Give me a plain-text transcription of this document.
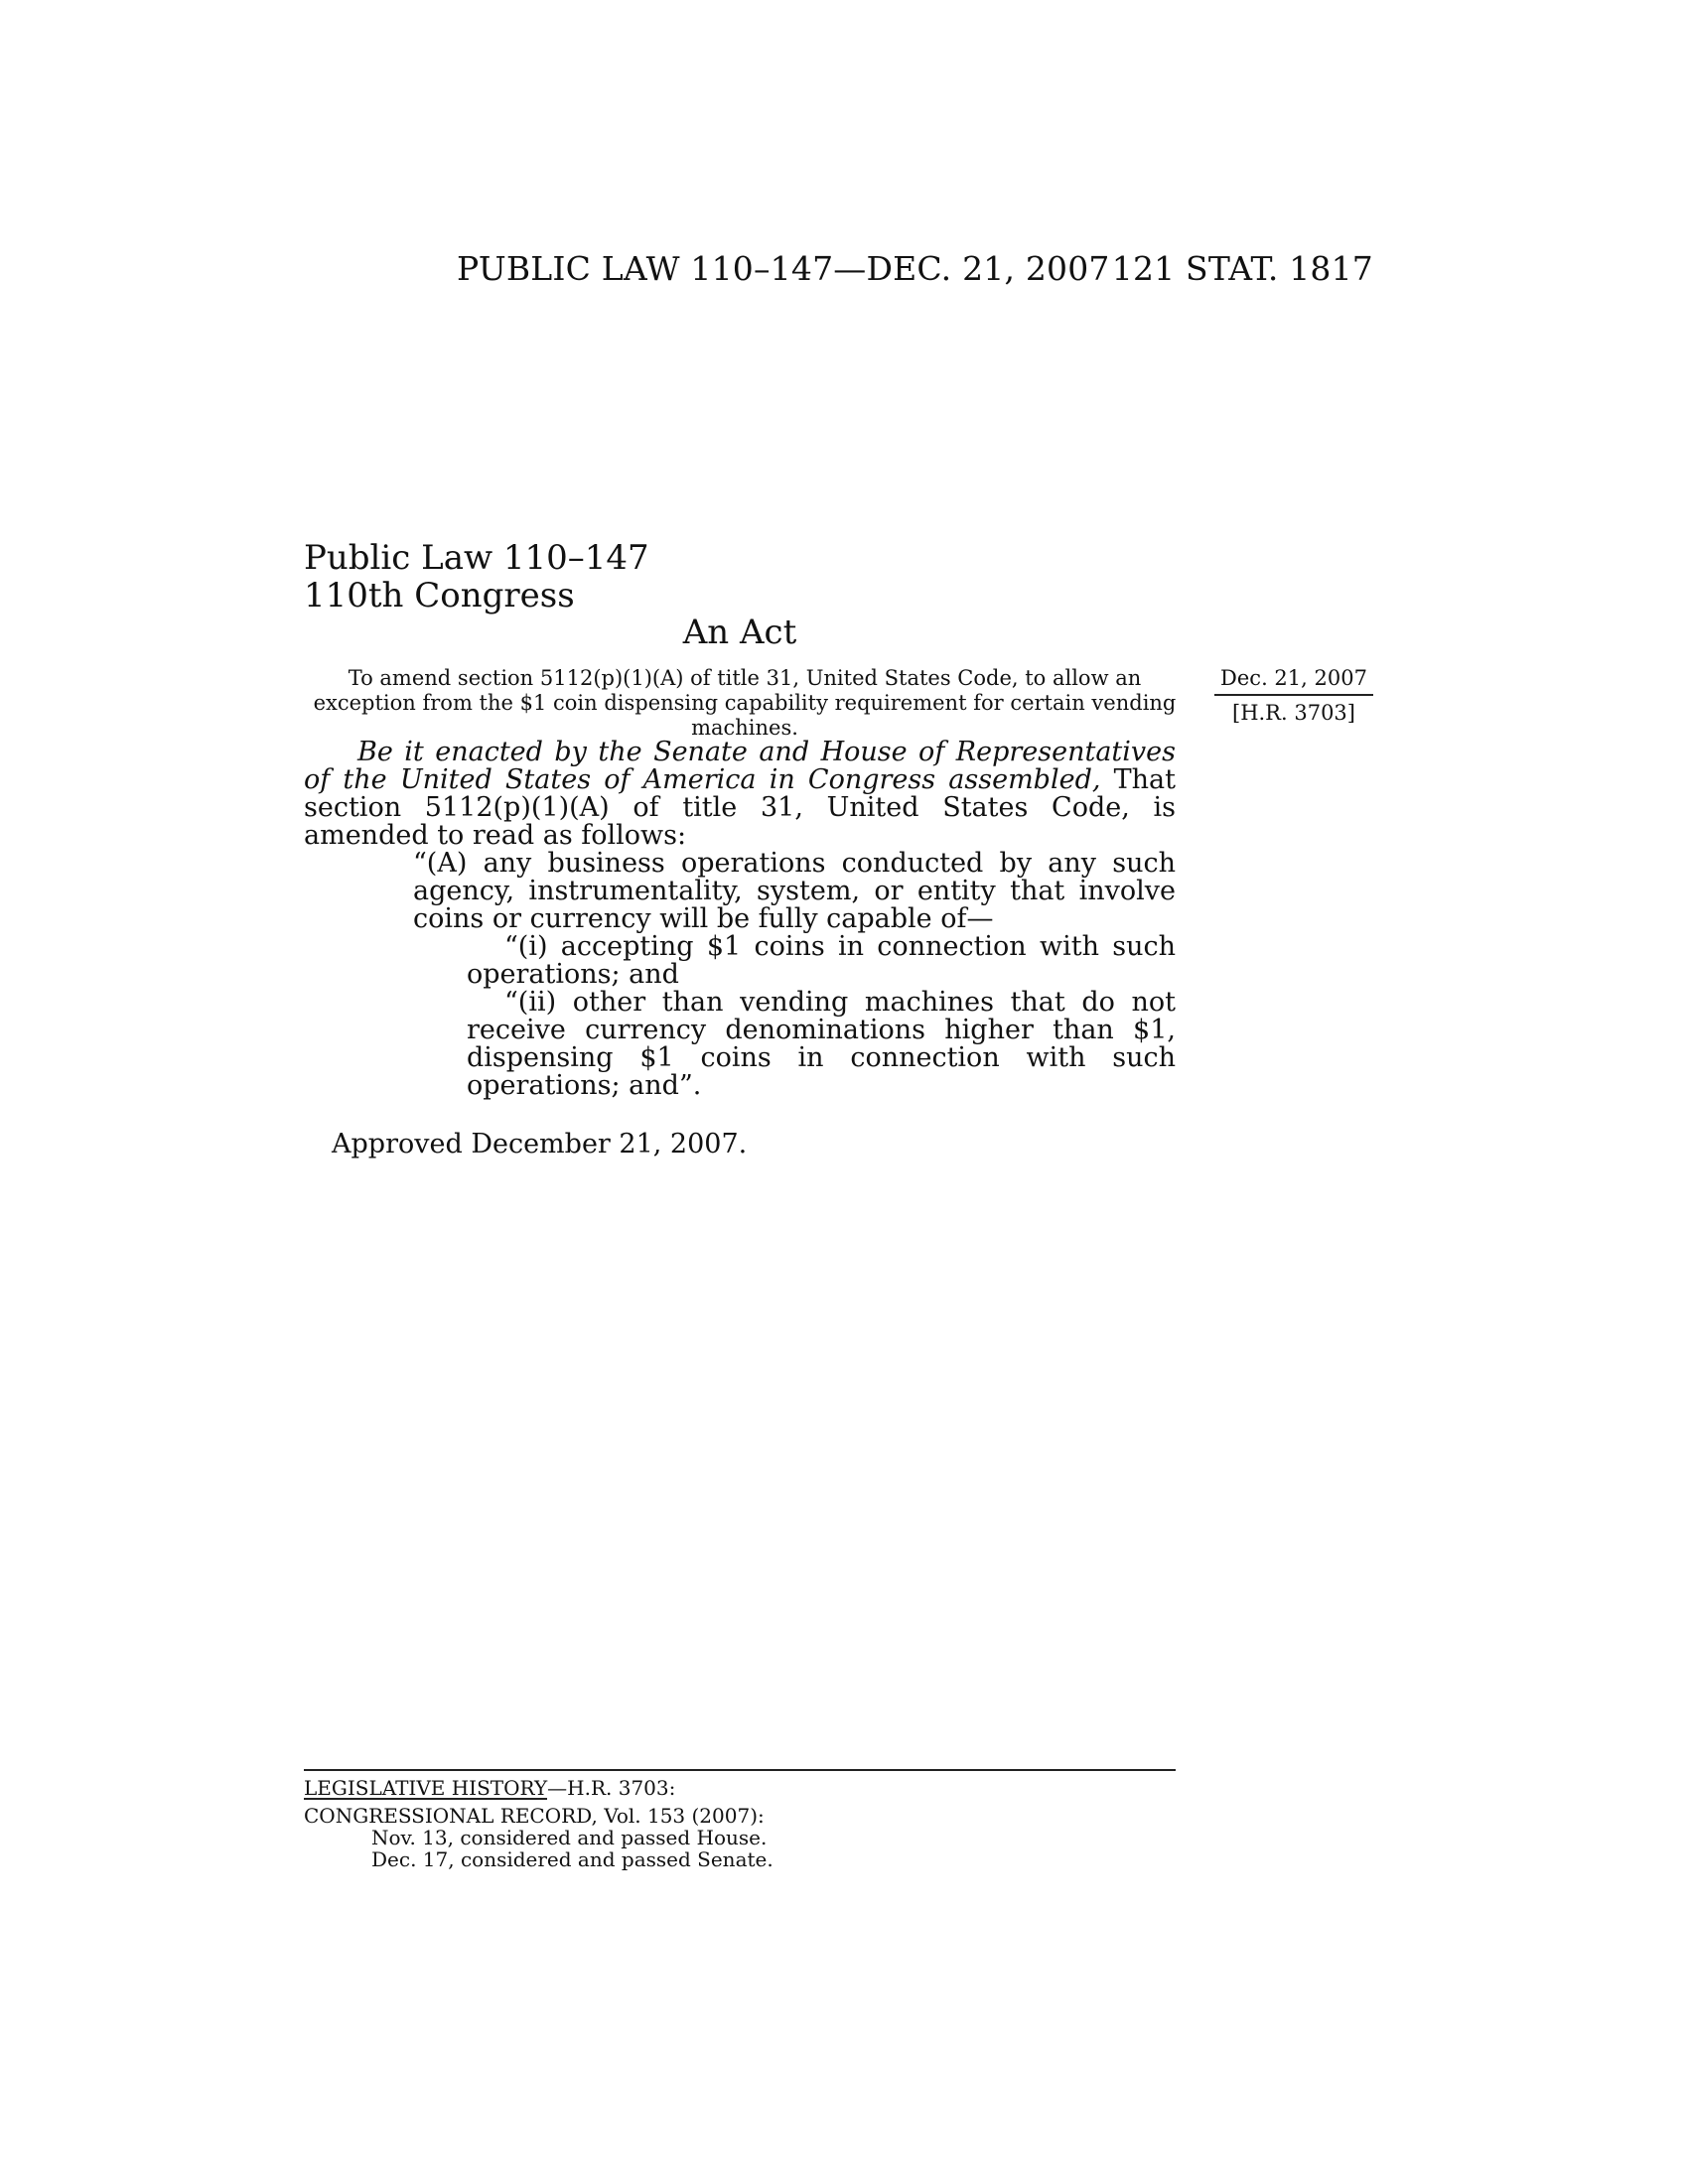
PUBLIC LAW 110–147—DEC. 21, 2007 121 STAT. 1817
Public Law 110–147
110th Congress
An Act
To amend section 5112(p)(1)(A) of title 31, United States Code, to allow an exception from the $1 coin dispensing capability requirement for certain vending machines.
Dec. 21, 2007
[H.R. 3703]
Be it enacted by the Senate and House of Representatives of the United States of America in Congress assembled, That section 5112(p)(1)(A) of title 31, United States Code, is amended to read as follows:
“(A) any business operations conducted by any such agency, instrumentality, system, or entity that involve coins or currency will be fully capable of—
“(i) accepting $1 coins in connection with such operations; and
“(ii) other than vending machines that do not receive currency denominations higher than $1, dispensing $1 coins in connection with such operations; and”.
Approved December 21, 2007.
LEGISLATIVE HISTORY—H.R. 3703:
CONGRESSIONAL RECORD, Vol. 153 (2007):
Nov. 13, considered and passed House.
Dec. 17, considered and passed Senate.
